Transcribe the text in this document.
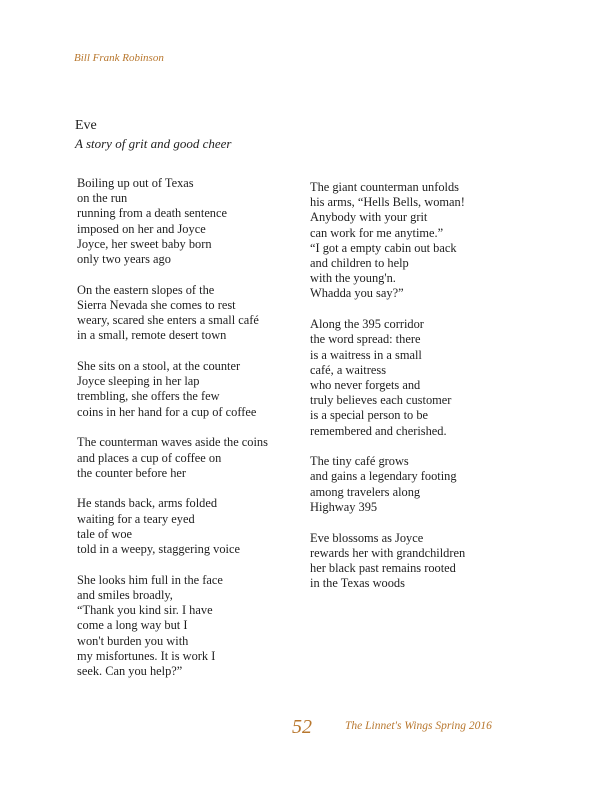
Bill Frank Robinson
Eve
A story of grit and good cheer
Boiling up out of Texas
on the run
running from a death sentence
imposed on her and Joyce
Joyce, her sweet baby born
only two years ago
On the eastern slopes of the
Sierra Nevada she comes to rest
weary, scared she enters a small café
in a small, remote desert town
She sits on a stool, at the counter
Joyce sleeping in her lap
trembling, she offers the few
coins in her hand for a cup of coffee
The counterman waves aside the coins
and places a cup of coffee on
the counter before her
He stands back, arms folded
waiting for a teary eyed
tale of woe
told in a weepy, staggering voice
She looks him full in the face
and smiles broadly,
“Thank you kind sir. I have
come a long way but I
won't burden you with
my misfortunes. It is work I
seek. Can you help?”
The giant counterman unfolds
his arms, “Hells Bells, woman!
Anybody with your grit
can work for me anytime.”
“I got a empty cabin out back
and children to help
with the young'n.
Whadda you say?”
Along the 395 corridor
the word spread: there
is a waitress in a small
café, a waitress
who never forgets and
truly believes each customer
is a special person to be
remembered and cherished.
The tiny café grows
and gains a legendary footing
among travelers along
Highway 395
Eve blossoms as Joyce
rewards her with grandchildren
her black past remains rooted
in the Texas woods
52	The Linnet's Wings Spring 2016
